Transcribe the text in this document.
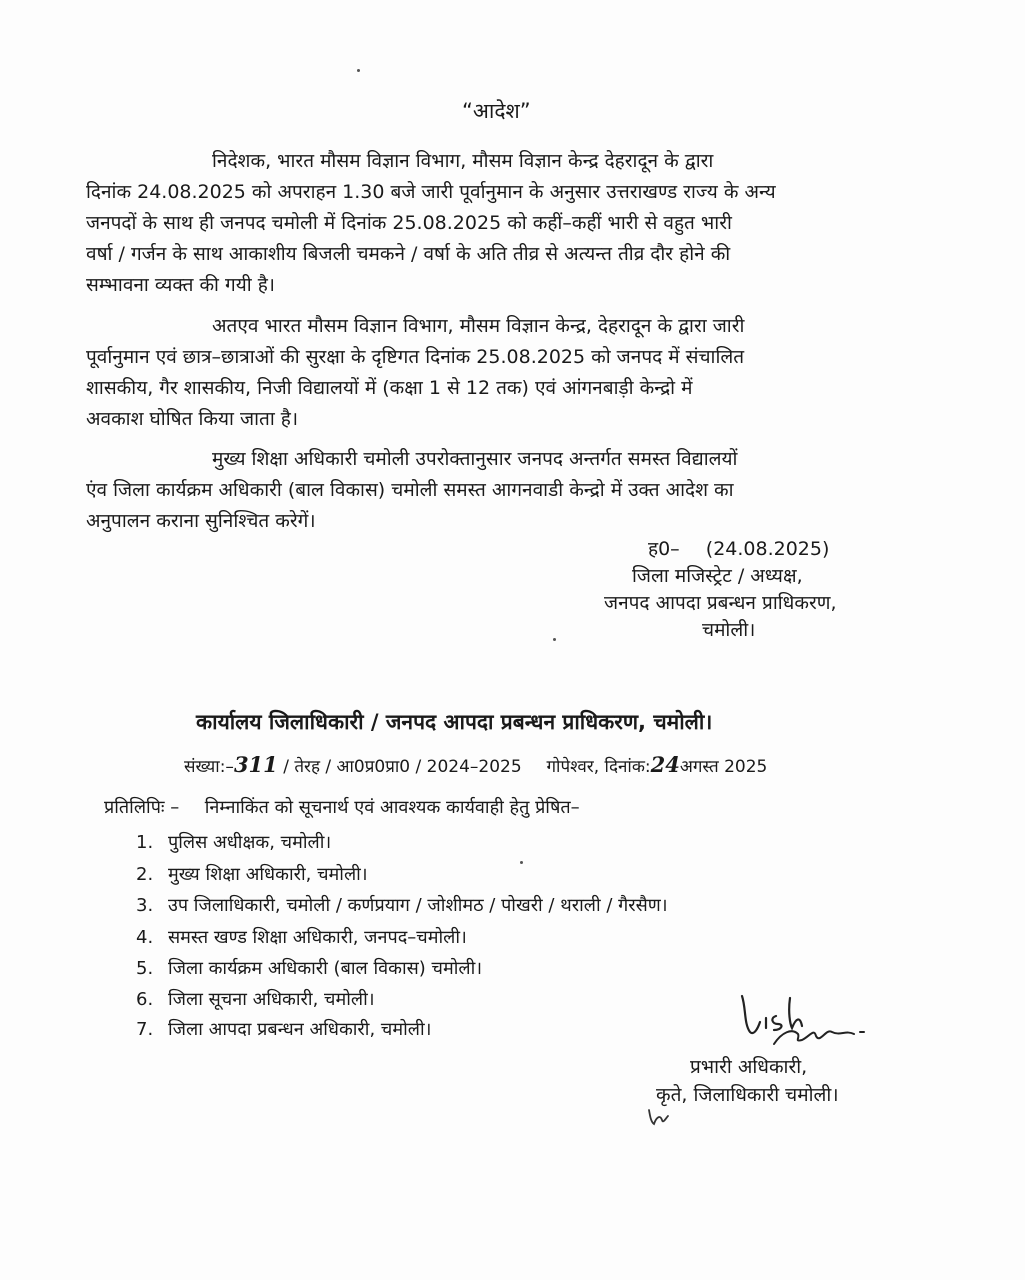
“आदेश”
निदेशक, भारत मौसम विज्ञान विभाग, मौसम विज्ञान केन्द्र देहरादून के द्वारा
दिनांक 24.08.2025 को अपराहन 1.30 बजे जारी पूर्वानुमान के अनुसार उत्तराखण्ड राज्य के अन्य
जनपदों के साथ ही जनपद चमोली में दिनांक 25.08.2025 को कहीं–कहीं भारी से वहुत भारी
वर्षा / गर्जन के साथ आकाशीय बिजली चमकने / वर्षा के अति तीव्र से अत्यन्त तीव्र दौर होने की
सम्भावना व्यक्त की गयी है।
अतएव भारत मौसम विज्ञान विभाग, मौसम विज्ञान केन्द्र, देहरादून के द्वारा जारी
पूर्वानुमान एवं छात्र–छात्राओं की सुरक्षा के दृष्टिगत दिनांक 25.08.2025 को जनपद में संचालित
शासकीय, गैर शासकीय, निजी विद्यालयों में (कक्षा 1 से 12 तक) एवं आंगनबाड़ी केन्द्रो में
अवकाश घोषित किया जाता है।
मुख्य शिक्षा अधिकारी चमोली उपरोक्तानुसार जनपद अन्तर्गत समस्त विद्यालयों
एंव जिला कार्यक्रम अधिकारी (बाल विकास) चमोली समस्त आगनवाडी केन्द्रो में उक्त आदेश का
अनुपालन कराना सुनिश्चित करेगें।
ह0– (24.08.2025)
जिला मजिस्ट्रेट / अध्यक्ष,
जनपद आपदा प्रबन्धन प्राधिकरण,
चमोली।
कार्यालय जिलाधिकारी / जनपद आपदा प्रबन्धन प्राधिकरण, चमोली।
संख्या:–311 / तेरह / आ0प्र0प्रा0 / 2024–2025 गोपेश्वर, दिनांक:24अगस्त 2025
प्रतिलिपिः – निम्नाकिंत को सूचनार्थ एवं आवश्यक कार्यवाही हेतु प्रेषित–
1. पुलिस अधीक्षक, चमोली।
2. मुख्य शिक्षा अधिकारी, चमोली।
3. उप जिलाधिकारी, चमोली / कर्णप्रयाग / जोशीमठ / पोखरी / थराली / गैरसैण।
4. समस्त खण्ड शिक्षा अधिकारी, जनपद–चमोली।
5. जिला कार्यक्रम अधिकारी (बाल विकास) चमोली।
6. जिला सूचना अधिकारी, चमोली।
7. जिला आपदा प्रबन्धन अधिकारी, चमोली।
प्रभारी अधिकारी,
कृते, जिलाधिकारी चमोली।
